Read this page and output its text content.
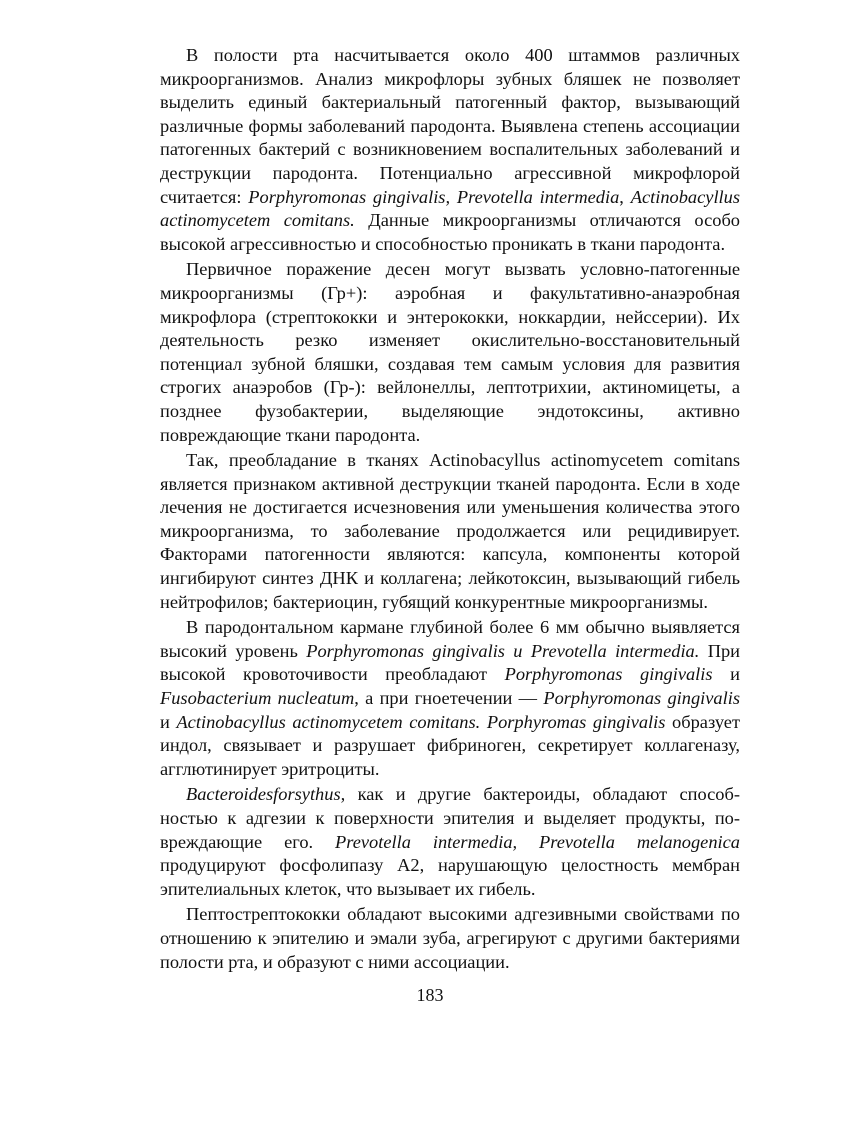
В полости рта насчитывается около 400 штаммов различных микроорганизмов. Анализ микрофлоры зубных бляшек не позволяет выделить единый бактериальный патогенный фактор, вызывающий различные формы заболеваний пародонта. Выявлена степень ассоциации патогенных бактерий с возникновением воспалительных заболеваний и деструкции пародонта. Потенциально агрессивной микрофлорой считается: Porphyromonas gingivalis, Prevotella intermedia, Actinobacyllus actinomycetem comitans. Данные микроорганизмы отличаются особо высокой агрессивностью и способностью проникать в ткани пародонта.

Первичное поражение десен могут вызвать условно-патогенные микроорганизмы (Гр+): аэробная и факультативно-анаэробная микрофлора (стрептококки и энтерококки, ноккардии, нейссерии). Их деятельность резко изменяет окислительно-восстановительный потенциал зубной бляшки, создавая тем самым условия для развития строгих анаэробов (Гр-): вейлонеллы, лептотрихии, актиномицеты, а позднее фузобактерии, выделяющие эндотоксины, активно повреждающие ткани пародонта.

Так, преобладание в тканях Actinobacyllus actinomycetem comitans является признаком активной деструкции тканей пародонта. Если в ходе лечения не достигается исчезновения или уменьшения количества этого микроорганизма, то заболевание продолжается или рецидивирует. Факторами патогенности являются: капсула, компоненты которой ингибируют синтез ДНК и коллагена; лейкотоксин, вызывающий гибель нейтрофилов; бактериоцин, губящий конкурентные микроорганизмы.

В пародонтальном кармане глубиной более 6 мм обычно выявляется высокий уровень Porphyromonas gingivalis и Prevotella intermedia. При высокой кровоточивости преобладают Porphyromonas gingivalis и Fusobacterium nucleatum, а при гноетечении — Porphyromonas gingivalis и Actinobacyllus actinomycetem comitans. Porphyromas gingivalis образует индол, связывает и разрушает фибриноген, секретирует коллагеназу, агглютинирует эритроциты.

Bacteroidesforsythus, как и другие бактероиды, обладают способностью к адгезии к поверхности эпителия и выделяет продукты, повреждающие его. Prevotella intermedia, Prevotella melanogenica продуцируют фосфолипазу А2, нарушающую целостность мембран эпителиальных клеток, что вызывает их гибель.

Пептострептококки обладают высокими адгезивными свойствами по отношению к эпителию и эмали зуба, агрегируют с другими бактериями полости рта, и образуют с ними ассоциации.

183
